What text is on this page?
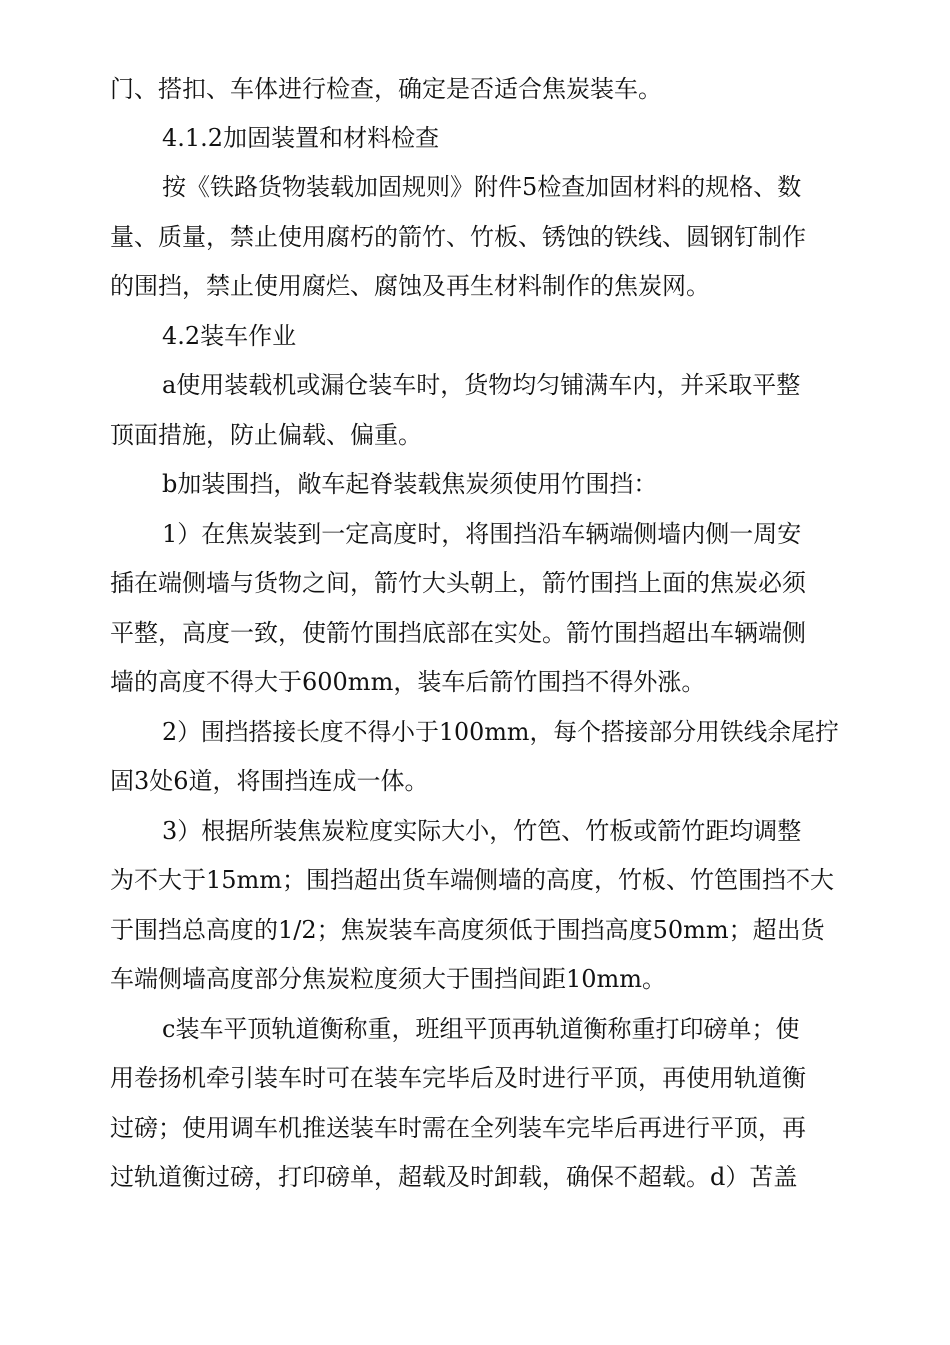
门、搭扣、车体进行检查，确定是否适合焦炭装车。
4.1.2加固装置和材料检查
按《铁路货物装载加固规则》附件5检查加固材料的规格、数
量、质量，禁止使用腐朽的箭竹、竹板、锈蚀的铁线、圆钢钉制作
的围挡，禁止使用腐烂、腐蚀及再生材料制作的焦炭网。
4.2装车作业
a使用装载机或漏仓装车时，货物均匀铺满车内，并采取平整
顶面措施，防止偏载、偏重。
b加装围挡，敞车起脊装载焦炭须使用竹围挡：
1）在焦炭装到一定高度时，将围挡沿车辆端侧墙内侧一周安
插在端侧墙与货物之间，箭竹大头朝上，箭竹围挡上面的焦炭必须
平整，高度一致，使箭竹围挡底部在实处。箭竹围挡超出车辆端侧
墙的高度不得大于600mm，装车后箭竹围挡不得外涨。
2）围挡搭接长度不得小于100mm，每个搭接部分用铁线余尾拧
固3处6道，将围挡连成一体。
3）根据所装焦炭粒度实际大小，竹笆、竹板或箭竹距均调整
为不大于15mm；围挡超出货车端侧墙的高度，竹板、竹笆围挡不大
于围挡总高度的1/2；焦炭装车高度须低于围挡高度50mm；超出货
车端侧墙高度部分焦炭粒度须大于围挡间距10mm。
c装车平顶轨道衡称重，班组平顶再轨道衡称重打印磅单；使
用卷扬机牵引装车时可在装车完毕后及时进行平顶，再使用轨道衡
过磅；使用调车机推送装车时需在全列装车完毕后再进行平顶，再
过轨道衡过磅，打印磅单，超载及时卸载，确保不超载。d）苫盖
